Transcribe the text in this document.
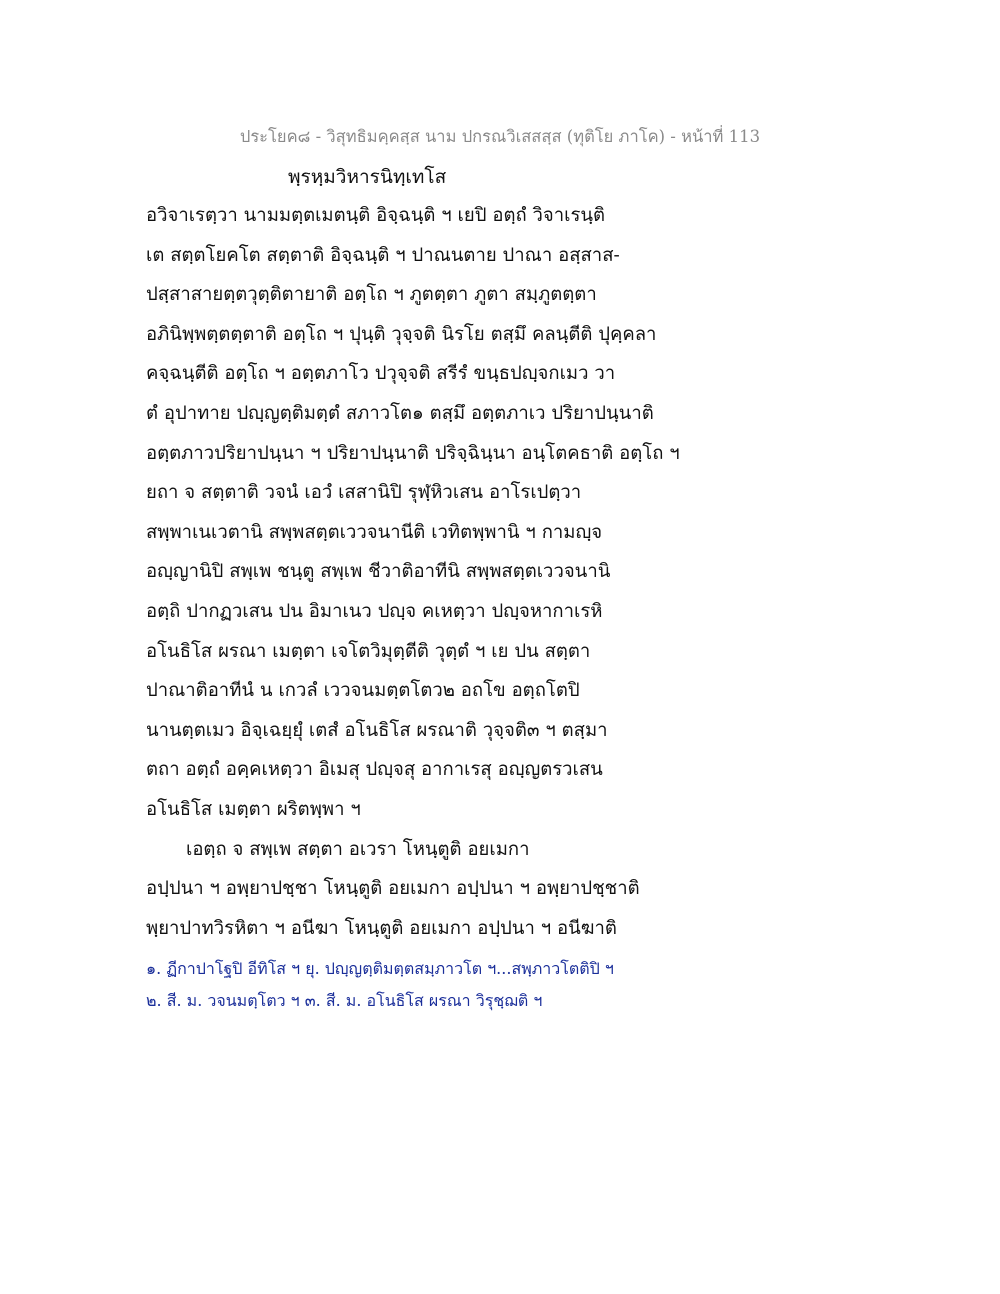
ประโยค๘ - วิสุทธิมคฺคสฺส นาม ปกรณวิเสสสฺส (ทุติโย ภาโค) - หน้าที่ 113
พฺรหฺมวิหารนิทฺเทโส
อวิจาเรตฺวา นามมตฺตเมตนฺติ อิจฺฉนฺติ ฯ เยปิ อตฺถํ วิจาเรนฺติ
เต สตฺตโยคโต สตฺตาติ อิจฺฉนฺติ ฯ ปาณนตาย ปาณา อสฺสาส-
ปสฺสาสายตฺตวุตฺติตายาติ อตฺโถ ฯ ภูตตฺตา ภูตา สมฺภูตตฺตา
อภินิพฺพตฺตตฺตาติ อตฺโถ ฯ ปุนฺติ วุจฺจติ นิรโย ตสฺมึ คลนฺตีติ ปุคฺคลา
คจฺฉนฺตีติ อตฺโถ ฯ อตฺตภาโว ปวุจฺจติ สรีรํ ขนฺธปญฺจกเมว วา
ตํ อุปาทาย ปญฺญตฺติมตฺตํ สภาวโต๑ ตสฺมึ อตฺตภาเว ปริยาปนฺนาติ
อตฺตภาวปริยาปนฺนา ฯ ปริยาปนฺนาติ ปริจฺฉินฺนา อนฺโตคธาติ อตฺโถ ฯ
ยถา จ สตฺตาติ วจนํ เอวํ เสสานิปิ รุฬฺหิวเสน อาโรเปตฺวา
สพฺพาเนเวตานิ สพฺพสตฺตเววจนานีติ เวทิตพฺพานิ ฯ กามญฺจ
อญฺญานิปิ สพฺเพ ชนฺตู สพฺเพ ชีวาติอาทีนิ สพฺพสตฺตเววจนานิ
อตฺถิ ปากฏวเสน ปน อิมาเนว ปญฺจ คเหตฺวา ปญฺจหากาเรหิ
อโนธิโส ผรณา เมตฺตา เจโตวิมุตฺตีติ วุตฺตํ ฯ เย ปน สตฺตา
ปาณาติอาทีนํ น เกวลํ เววจนมตฺตโตว๒ อถโข อตฺถโตปิ
นานตฺตเมว อิจฺเฉยฺยุํ เตสํ อโนธิโส ผรณาติ วุจฺจติ๓ ฯ ตสฺมา
ตถา อตฺถํ อคฺคเหตฺวา อิเมสุ ปญฺจสุ อากาเรสุ อญฺญตรวเสน
อโนธิโส เมตฺตา ผริตพฺพา ฯ
เอตฺถ จ สพฺเพ สตฺตา อเวรา โหนฺตูติ อยเมกา
อปฺปนา ฯ อพฺยาปชฺชา โหนฺตูติ อยเมกา อปฺปนา ฯ อพฺยาปชฺชาติ
พฺยาปาทวิรหิตา ฯ อนีฆา โหนฺตูติ อยเมกา อปฺปนา ฯ อนีฆาติ
๑. ฏีกาปาโฐปิ อีทิโส ฯ ยุ. ปญฺญตฺติมตฺตสมฺภาวโต ฯ...สพฺภาวโตติปิ ฯ
๒. สี. ม. วจนมตฺโตว ฯ ๓. สี. ม. อโนธิโส ผรณา วิรุชฺฌติ ฯ
